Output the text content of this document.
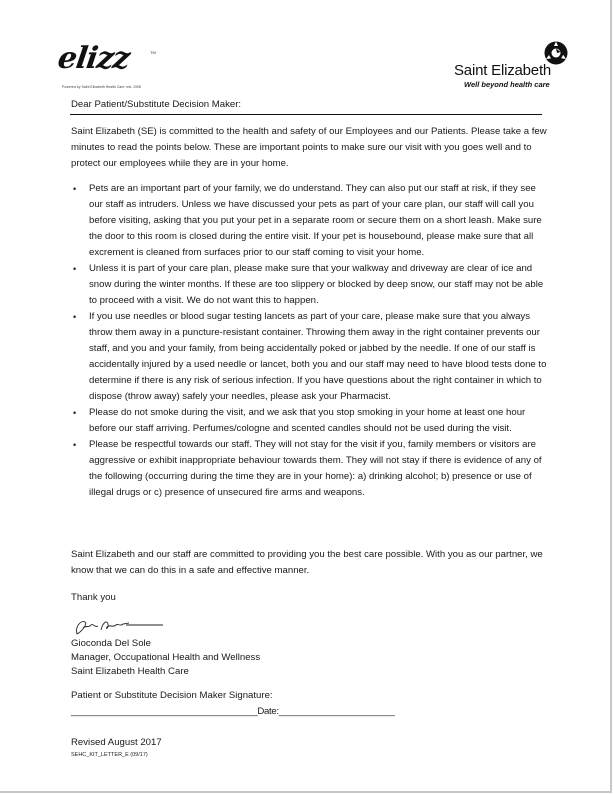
elizz	TM
Powered by Saint Elizabeth Health Care, est. 1908
Saint Elizabeth
Well beyond health care
Dear Patient/Substitute Decision Maker:

Saint Elizabeth (SE) is committed to the health and safety of our Employees and our Patients. Please take a few minutes to read the points below. These are important points to make sure our visit with you goes well and to protect our employees while they are in your home.

• Pets are an important part of your family, we do understand. They can also put our staff at risk, if they see our staff as intruders. Unless we have discussed your pets as part of your care plan, our staff will call you before visiting, asking that you put your pet in a separate room or secure them on a short leash. Make sure the door to this room is closed during the entire visit. If your pet is housebound, please make sure that all excrement is cleaned from surfaces prior to our staff coming to visit your home.
• Unless it is part of your care plan, please make sure that your walkway and driveway are clear of ice and snow during the winter months. If these are too slippery or blocked by deep snow, our staff may not be able to proceed with a visit. We do not want this to happen.
• If you use needles or blood sugar testing lancets as part of your care, please make sure that you always throw them away in a puncture-resistant container. Throwing them away in the right container prevents our staff, and you and your family, from being accidentally poked or jabbed by the needle. If one of our staff is accidentally injured by a used needle or lancet, both you and our staff may need to have blood tests done to determine if there is any risk of serious infection. If you have questions about the right container in which to dispose (throw away) safely your needles, please ask your Pharmacist.
• Please do not smoke during the visit, and we ask that you stop smoking in your home at least one hour before our staff arriving. Perfumes/cologne and scented candles should not be used during the visit.
• Please be respectful towards our staff. They will not stay for the visit if you, family members or visitors are aggressive or exhibit inappropriate behaviour towards them. They will not stay if there is evidence of any of the following (occurring during the time they are in your home): a) drinking alcohol; b) presence or use of illegal drugs or c) presence of unsecured fire arms and weapons.

Saint Elizabeth and our staff are committed to providing you the best care possible. With you as our partner, we know that we can do this in a safe and effective manner.

Thank you

Gioconda Del Sole
Manager, Occupational Health and Wellness
Saint Elizabeth Health Care
Patient or Substitute Decision Maker Signature:
_____________________________________Date:_______________________
Revised August 2017
SEHC_KIT_LETTER_E (09/17)
